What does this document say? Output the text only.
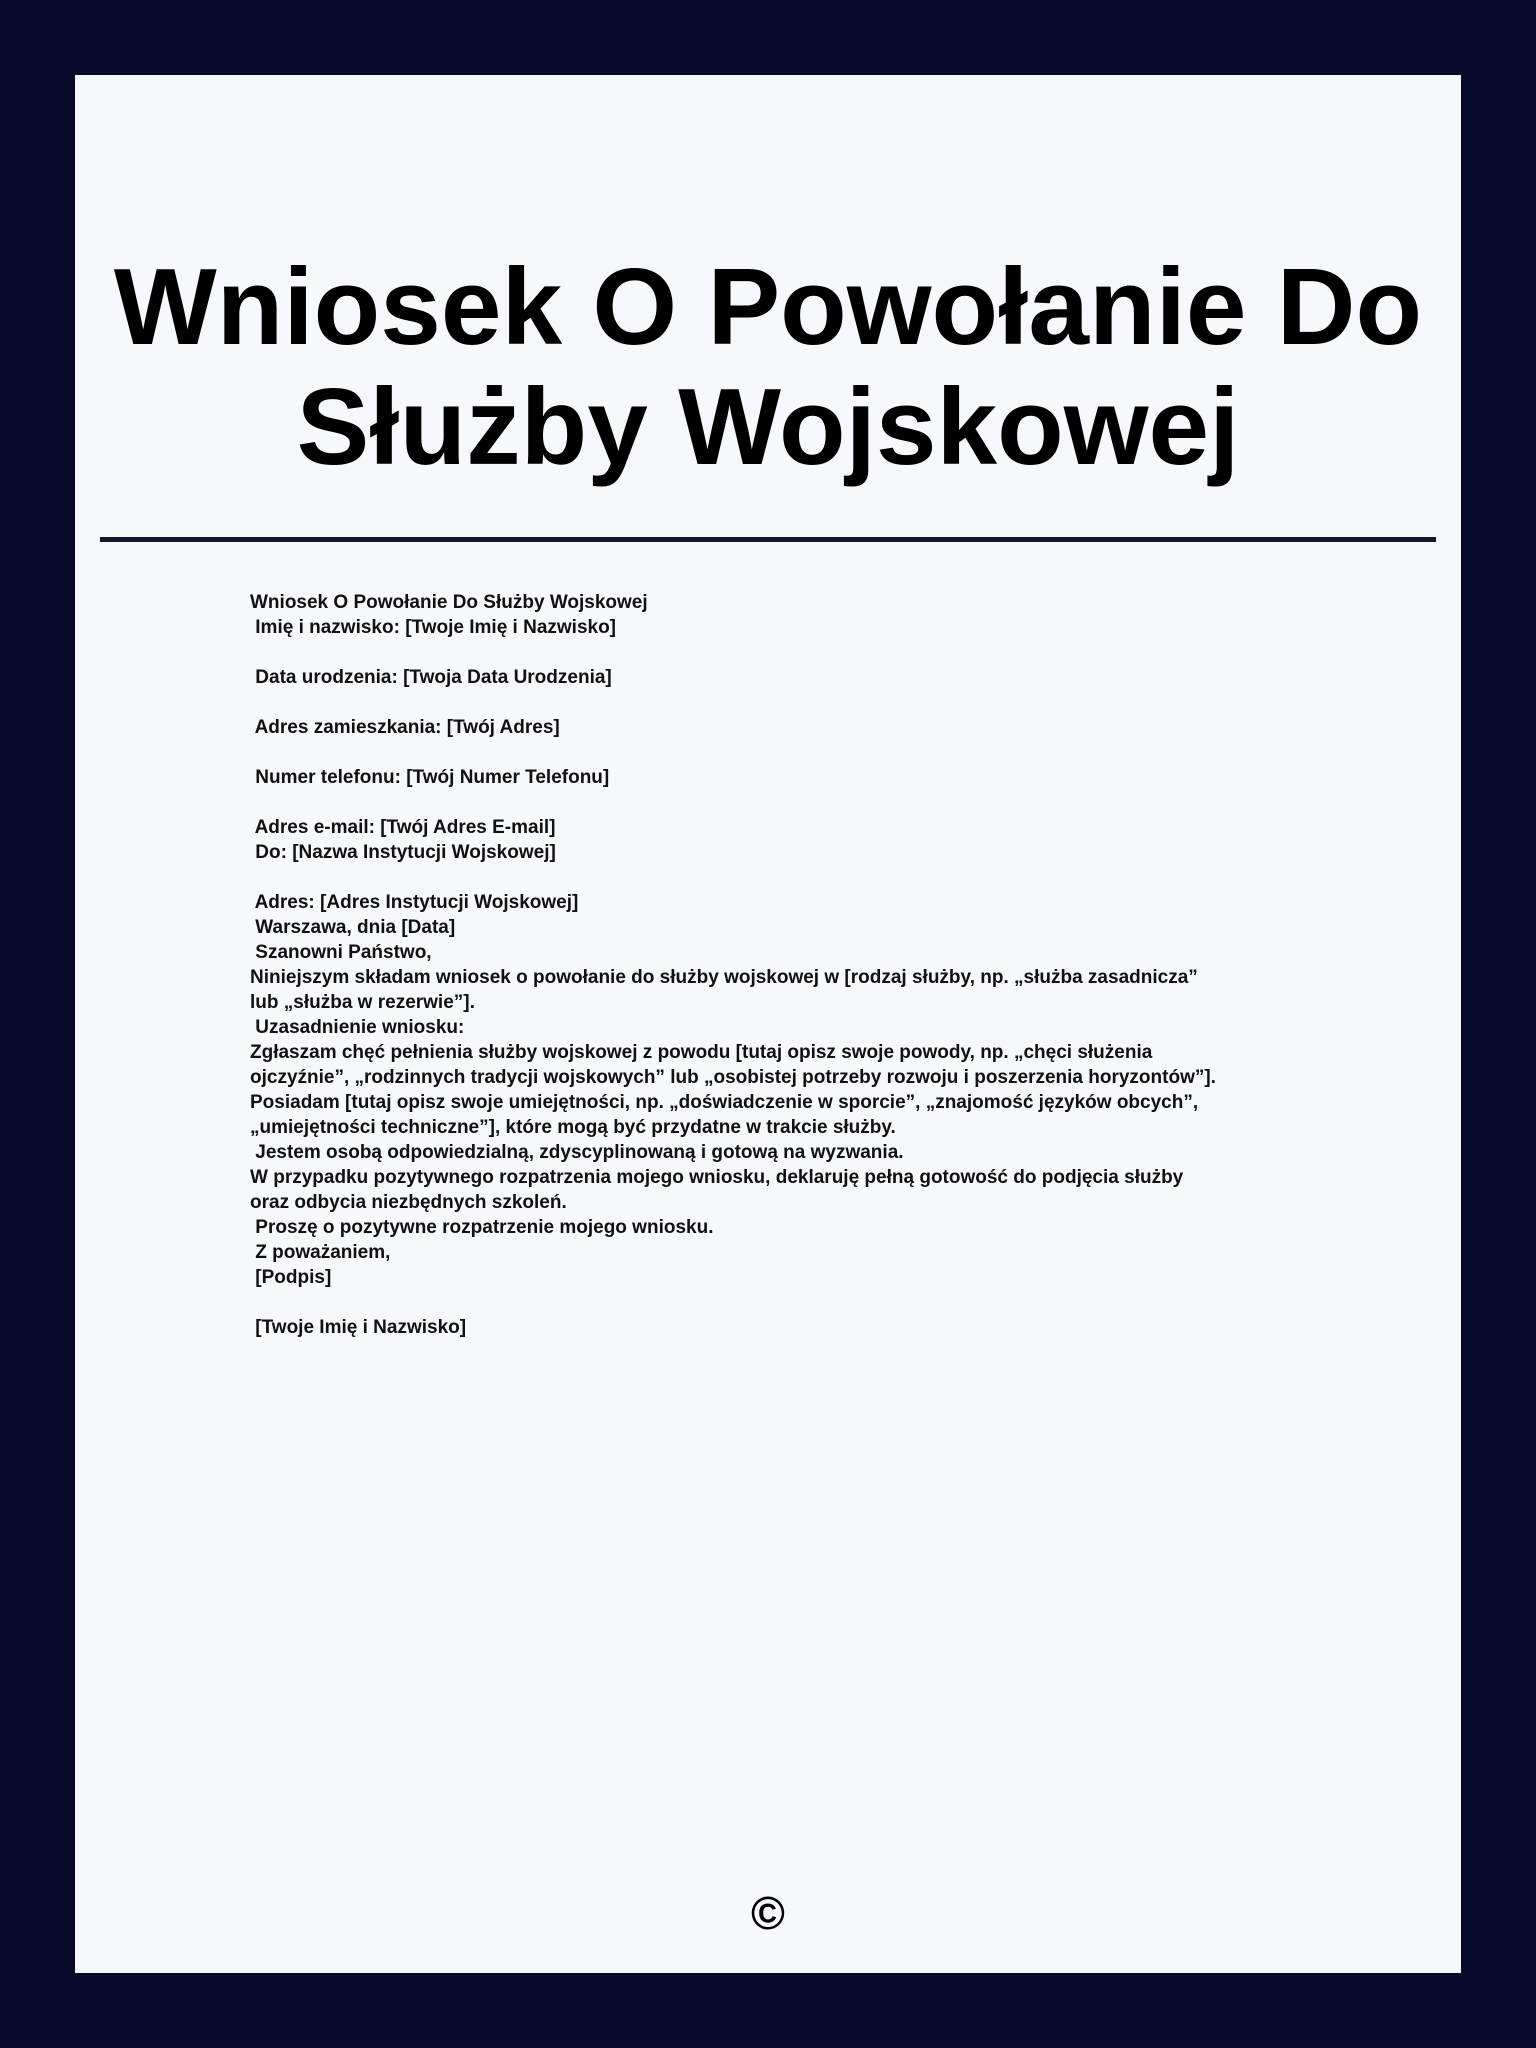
Wniosek O Powołanie Do Służby Wojskowej
Wniosek O Powołanie Do Służby Wojskowej
Imię i nazwisko: [Twoje Imię i Nazwisko]
Data urodzenia: [Twoja Data Urodzenia]
Adres zamieszkania: [Twój Adres]
Numer telefonu: [Twój Numer Telefonu]
Adres e-mail: [Twój Adres E-mail]
Do: [Nazwa Instytucji Wojskowej]
Adres: [Adres Instytucji Wojskowej]
Warszawa, dnia [Data]
Szanowni Państwo,
Niniejszym składam wniosek o powołanie do służby wojskowej w [rodzaj służby, np. „służba zasadnicza”
lub „służba w rezerwie”].
Uzasadnienie wniosku:
Zgłaszam chęć pełnienia służby wojskowej z powodu [tutaj opisz swoje powody, np. „chęci służenia
ojczyźnie”, „rodzinnych tradycji wojskowych” lub „osobistej potrzeby rozwoju i poszerzenia horyzontów”].
Posiadam [tutaj opisz swoje umiejętności, np. „doświadczenie w sporcie”, „znajomość języków obcych”,
„umiejętności techniczne”], które mogą być przydatne w trakcie służby.
Jestem osobą odpowiedzialną, zdyscyplinowaną i gotową na wyzwania.
W przypadku pozytywnego rozpatrzenia mojego wniosku, deklaruję pełną gotowość do podjęcia służby
oraz odbycia niezbędnych szkoleń.
Proszę o pozytywne rozpatrzenie mojego wniosku.
Z poważaniem,
[Podpis]
[Twoje Imię i Nazwisko]
©
